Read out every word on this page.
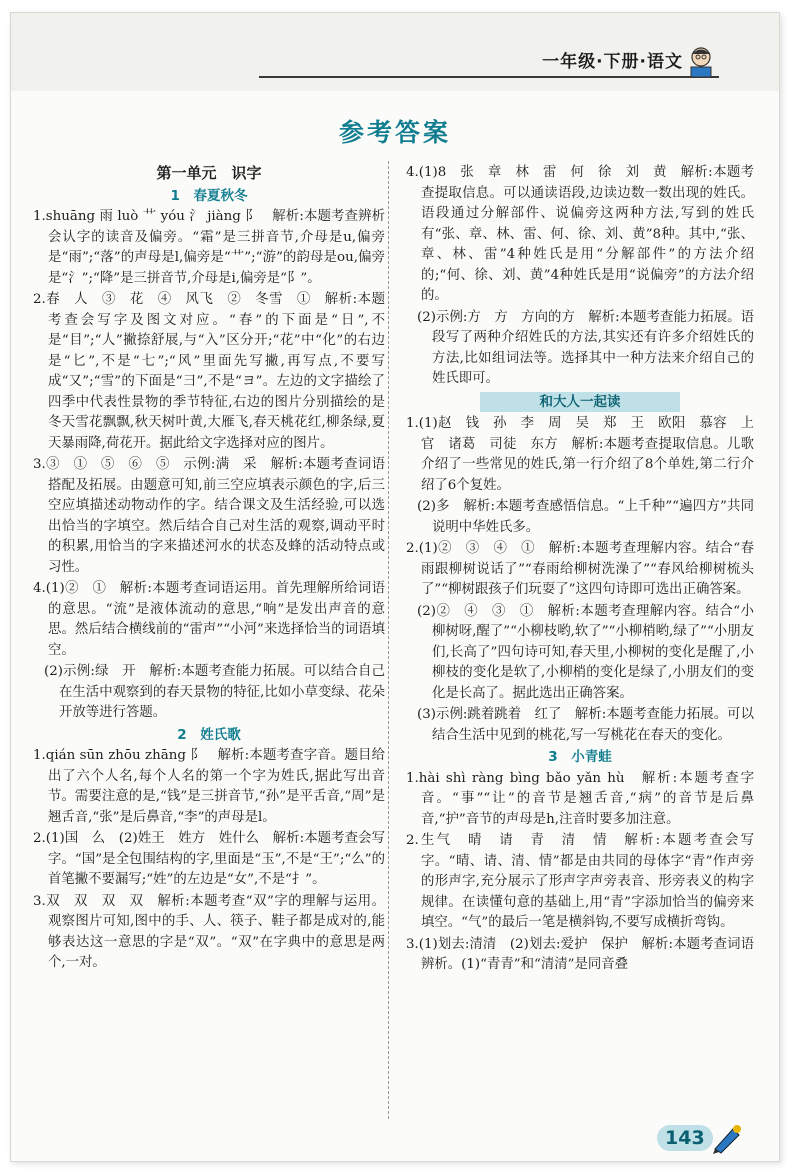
一年级·下册·语文
参考答案
第一单元　识字
1　春夏秋冬

1.shuāng 雨 luò 艹 yóu 氵 jiàng 阝　解析:本题考查辨析会认字的读音及偏旁。“霜”是三拼音节,介母是u,偏旁是“雨”;“落”的声母是l,偏旁是“艹”;“游”的韵母是ou,偏旁是“氵”;“降”是三拼音节,介母是i,偏旁是“阝”。

2.春　人　③　花　④　风飞　②　冬雪　①　解析:本题考查会写字及图文对应。“春”的下面是“日”,不是“目”;“人”撇捺舒展,与“入”区分开;“花”中“化”的右边是“匕”,不是“七”;“风”里面先写撇,再写点,不要写成“又”;“雪”的下面是“彐”,不是“ヨ”。左边的文字描绘了四季中代表性景物的季节特征,右边的图片分别描绘的是冬天雪花飘飘,秋天树叶黄,大雁飞,春天桃花红,柳条绿,夏天暴雨降,荷花开。据此给文字选择对应的图片。

3.③　①　⑤　⑥　⑤　示例:满　采　解析:本题考查词语搭配及拓展。由题意可知,前三空应填表示颜色的字,后三空应填描述动物动作的字。结合课文及生活经验,可以选出恰当的字填空。然后结合自己对生活的观察,调动平时的积累,用恰当的字来描述河水的状态及蜂的活动特点或习性。

4.(1)②　①　解析:本题考查词语运用。首先理解所给词语的意思。“流”是液体流动的意思,“响”是发出声音的意思。然后结合横线前的“雷声”“小河”来选择恰当的词语填空。

(2)示例:绿　开　解析:本题考查能力拓展。可以结合自己在生活中观察到的春天景物的特征,比如小草变绿、花朵开放等进行答题。

2　姓氏歌

1.qián sūn zhōu zhāng 阝　解析:本题考查字音。题目给出了六个人名,每个人名的第一个字为姓氏,据此写出音节。需要注意的是,“钱”是三拼音节,“孙”是平舌音,“周”是翘舌音,“张”是后鼻音,“李”的声母是l。

2.(1)国　么　(2)姓王　姓方　姓什么　解析:本题考查会写字。“国”是全包围结构的字,里面是“玉”,不是“王”;“么”的首笔撇不要漏写;“姓”的左边是“女”,不是“扌”。

3.双　双　双　双　解析:本题考查“双”字的理解与运用。观察图片可知,图中的手、人、筷子、鞋子都是成对的,能够表达这一意思的字是“双”。“双”在字典中的意思是两个,一对。

4.(1)8　张　章　林　雷　何　徐　刘　黄　解析:本题考查提取信息。可以通读语段,边读边数一数出现的姓氏。语段通过分解部件、说偏旁这两种方法,写到的姓氏有“张、章、林、雷、何、徐、刘、黄”8种。其中,“张、章、林、雷”4种姓氏是用“分解部件”的方法介绍的;“何、徐、刘、黄”4种姓氏是用“说偏旁”的方法介绍的。

(2)示例:方　方　方向的方　解析:本题考查能力拓展。语段写了两种介绍姓氏的方法,其实还有许多介绍姓氏的方法,比如组词法等。选择其中一种方法来介绍自己的姓氏即可。

和大人一起读

1.(1)赵　钱　孙　李　周　吴　郑　王　欧阳　慕容　上官　诸葛　司徒　东方　解析:本题考查提取信息。儿歌介绍了一些常见的姓氏,第一行介绍了8个单姓,第二行介绍了6个复姓。

(2)多　解析:本题考查感悟信息。“上千种”“遍四方”共同说明中华姓氏多。

2.(1)②　③　④　①　解析:本题考查理解内容。结合“春雨跟柳树说话了”“春雨给柳树洗澡了”“春风给柳树梳头了”“柳树跟孩子们玩耍了”这四句诗即可选出正确答案。

(2)②　④　③　①　解析:本题考查理解内容。结合“小柳树呀,醒了”“小柳枝哟,软了”“小柳梢哟,绿了”“小朋友们,长高了”四句诗可知,春天里,小柳树的变化是醒了,小柳枝的变化是软了,小柳梢的变化是绿了,小朋友们的变化是长高了。据此选出正确答案。

(3)示例:跳着跳着　红了　解析:本题考查能力拓展。可以结合生活中见到的桃花,写一写桃花在春天的变化。

3　小青蛙

1.hài shì ràng bìng bǎo yǎn hù　解析:本题考查字音。“事”“让”的音节是翘舌音,“病”的音节是后鼻音,“护”音节的声母是h,注音时要多加注意。

2.生气　晴　请　青　清　情　解析:本题考查会写字。“晴、请、清、情”都是由共同的母体字“青”作声旁的形声字,充分展示了形声字声旁表音、形旁表义的构字规律。在读懂句意的基础上,用“青”字添加恰当的偏旁来填空。“气”的最后一笔是横斜钩,不要写成横折弯钩。

3.(1)划去:清清　(2)划去:爱护　保护　解析:本题考查词语辨析。(1)“青青”和“清清”是同音叠

143
